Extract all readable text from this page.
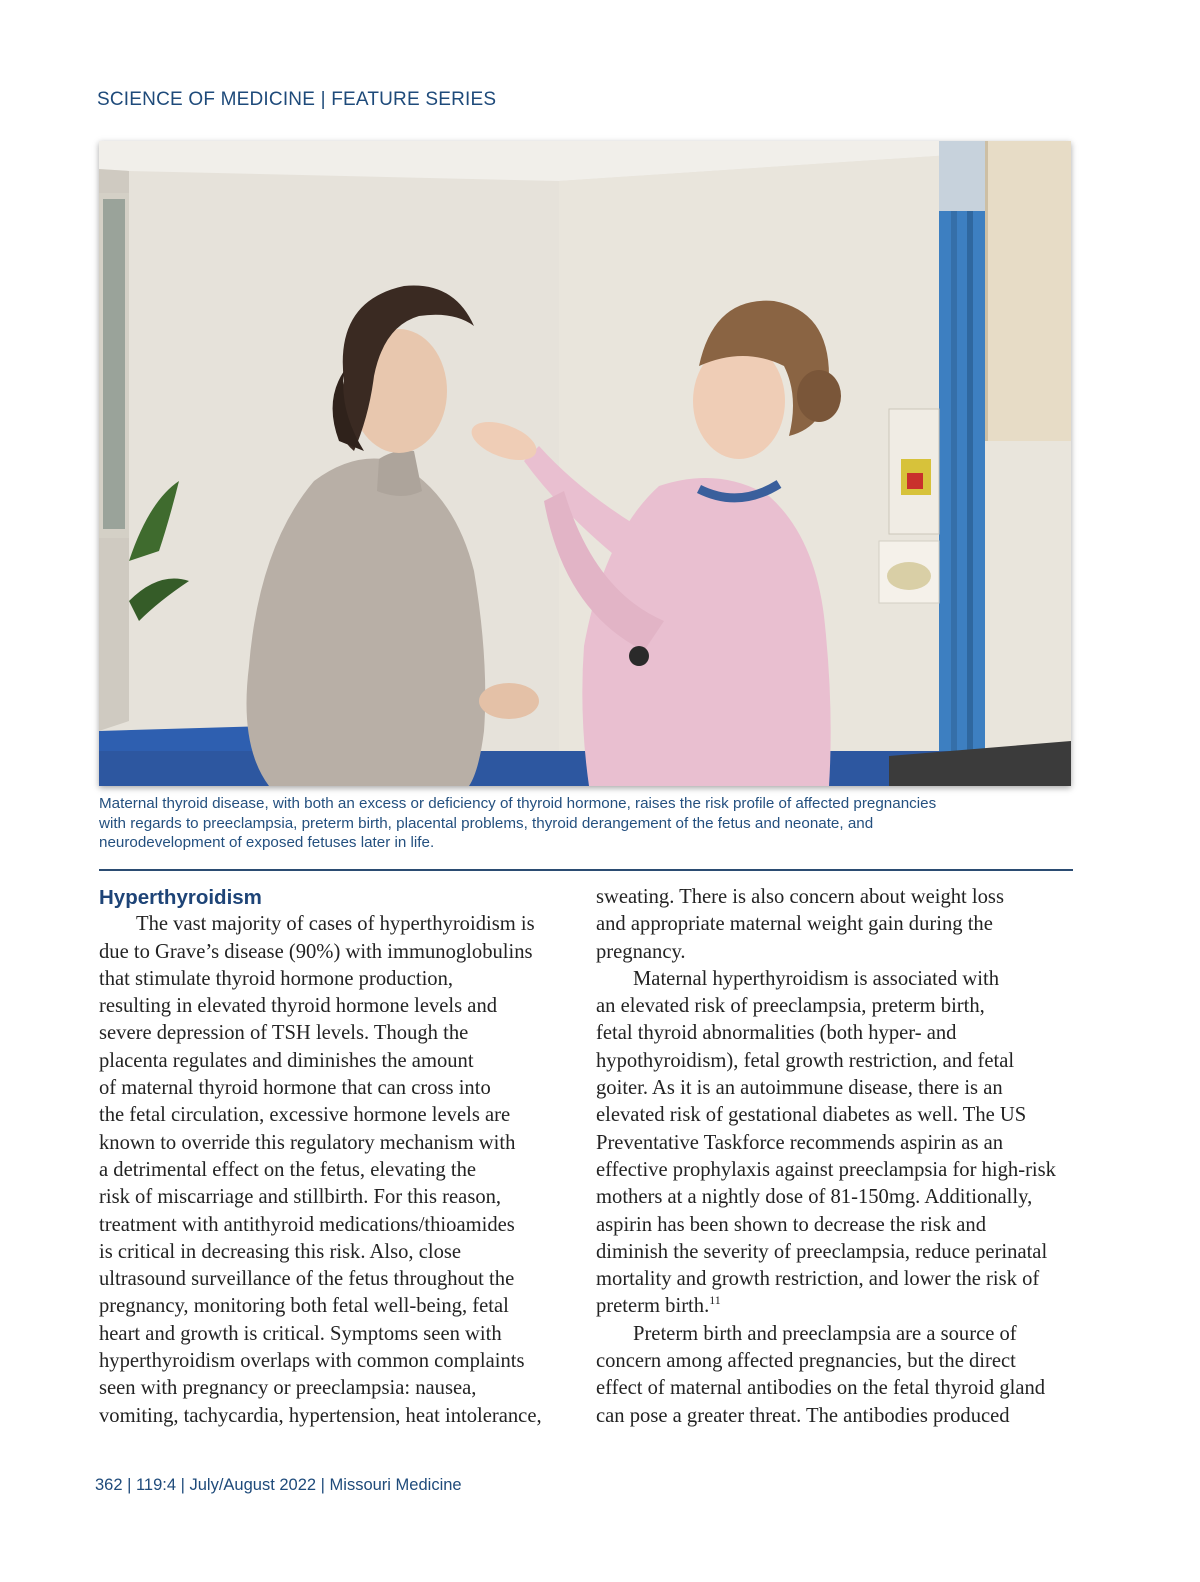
SCIENCE OF MEDICINE | FEATURE SERIES
Maternal thyroid disease, with both an excess or deficiency of thyroid hormone, raises the risk profile of affected pregnancies
with regards to preeclampsia, preterm birth, placental problems, thyroid derangement of the fetus and neonate, and
neurodevelopment of exposed fetuses later in life.
Hyperthyroidism
The vast majority of cases of hyperthyroidism is
due to Grave’s disease (90%) with immunoglobulins
that stimulate thyroid hormone production,
resulting in elevated thyroid hormone levels and
severe depression of TSH levels. Though the
placenta regulates and diminishes the amount
of maternal thyroid hormone that can cross into
the fetal circulation, excessive hormone levels are
known to override this regulatory mechanism with
a detrimental effect on the fetus, elevating the
risk of miscarriage and stillbirth. For this reason,
treatment with antithyroid medications/thioamides
is critical in decreasing this risk. Also, close
ultrasound surveillance of the fetus throughout the
pregnancy, monitoring both fetal well-being, fetal
heart and growth is critical. Symptoms seen with
hyperthyroidism overlaps with common complaints
seen with pregnancy or preeclampsia: nausea,
vomiting, tachycardia, hypertension, heat intolerance,
sweating. There is also concern about weight loss
and appropriate maternal weight gain during the
pregnancy.
Maternal hyperthyroidism is associated with
an elevated risk of preeclampsia, preterm birth,
fetal thyroid abnormalities (both hyper- and
hypothyroidism), fetal growth restriction, and fetal
goiter. As it is an autoimmune disease, there is an
elevated risk of gestational diabetes as well. The US
Preventative Taskforce recommends aspirin as an
effective prophylaxis against preeclampsia for high-risk
mothers at a nightly dose of 81-150mg. Additionally,
aspirin has been shown to decrease the risk and
diminish the severity of preeclampsia, reduce perinatal
mortality and growth restriction, and lower the risk of
preterm birth.$^{11}$
Preterm birth and preeclampsia are a source of
concern among affected pregnancies, but the direct
effect of maternal antibodies on the fetal thyroid gland
can pose a greater threat. The antibodies produced
362 | 119:4 | July/August 2022 | Missouri Medicine
